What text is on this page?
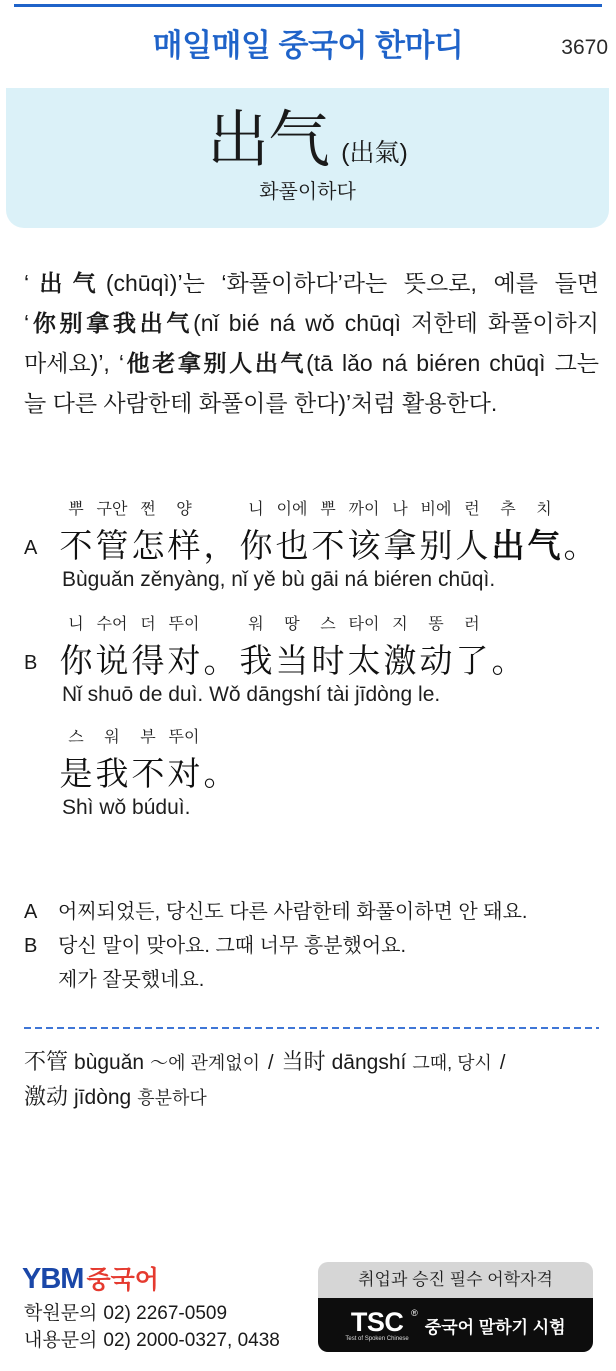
매일매일 중국어 한마디	3670
出气 (出氣)
화풀이하다
‘出气(chūqì)’는 ‘화풀이하다’라는 뜻으로, 예를 들면
‘你别拿我出气(nǐ bié ná wǒ chūqì 저한테 화풀이하지
마세요)’, ‘他老拿别人出气(tā lǎo ná biéren chūqì 그는
늘 다른 사람한테 화풀이를 한다)’처럼 활용한다.
A
뿌
不
구안
管
쩐
怎
양
样 ，
니
你
이에
也
뿌
不
까이
该
나
拿
비에
别
런
人
추
出
치
气 。
Bùguǎn zěnyàng, nǐ yě bù gāi ná biéren chūqì.
B
니
你
수어
说
더
得
뚜이
对 。
워
我
땅
当
스
时
타이
太
지
激
똥
动
러
了 。
Nǐ shuō de duì. Wǒ dāngshí tài jīdòng le.
스
是
워
我
부
不
뚜이
对 。
Shì wǒ búduì.
A 어찌되었든, 당신도 다른 사람한테 화풀이하면 안 돼요.
B 당신 말이 맞아요. 그때 너무 흥분했어요.
제가 잘못했네요.
不管 bùguǎn ～에 관계없이 / 当时 dāngshí 그때, 당시 /
激动 jīdòng 흥분하다
YBM 중국어
학원문의 02) 2267-0509
내용문의 02) 2000-0327, 0438
취업과 승진 필수 어학자격
TSC ®
Test of Spoken Chinese
중국어 말하기 시험
